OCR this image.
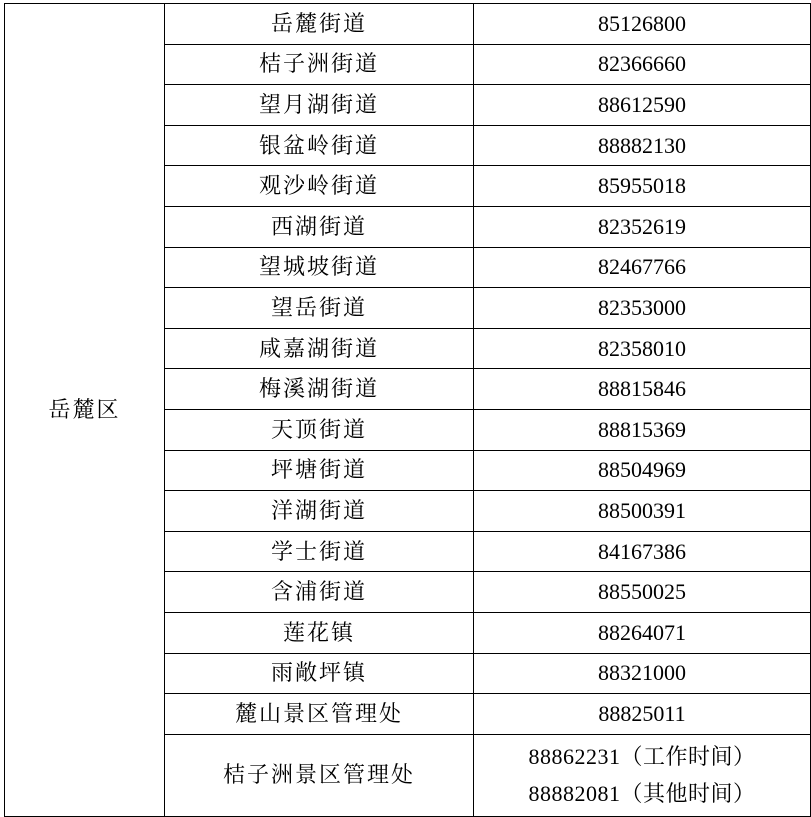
岳麓区	岳麓街道	85126800
	桔子洲街道	82366660
	望月湖街道	88612590
	银盆岭街道	88882130
	观沙岭街道	85955018
	西湖街道	82352619
	望城坡街道	82467766
	望岳街道	82353000
	咸嘉湖街道	82358010
	梅溪湖街道	88815846
	天顶街道	88815369
	坪塘街道	88504969
	洋湖街道	88500391
	学士街道	84167386
	含浦街道	88550025
	莲花镇	88264071
	雨敞坪镇	88321000
	麓山景区管理处	88825011
	桔子洲景区管理处	88862231（工作时间）
88882081（其他时间）
